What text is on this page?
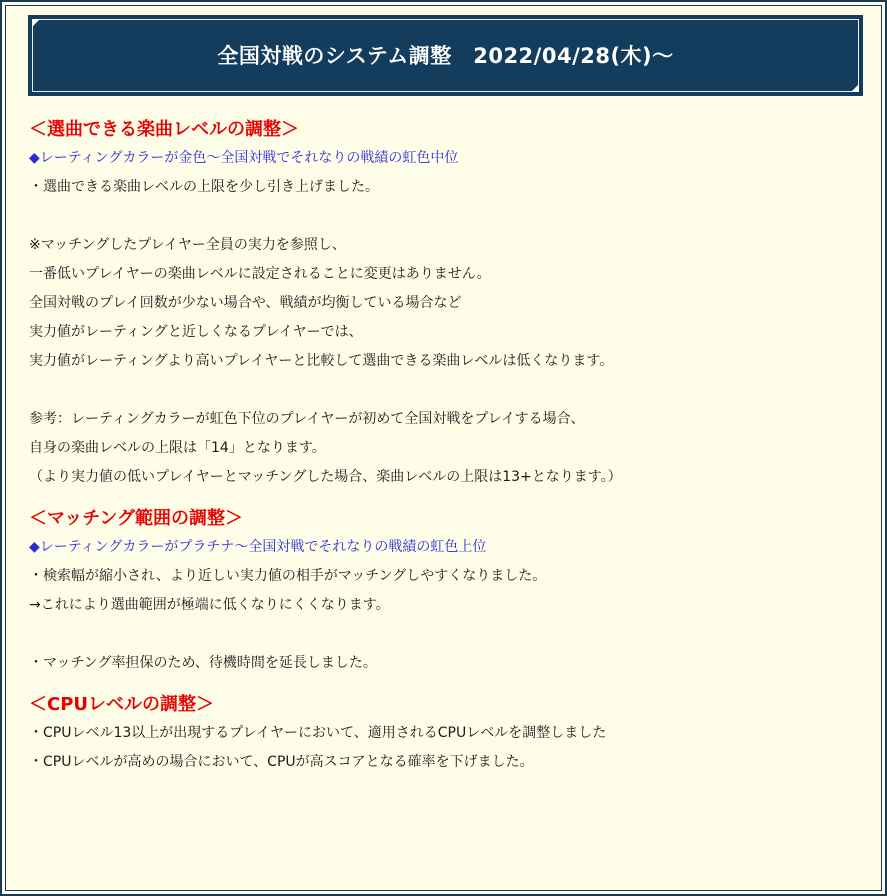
全国対戦のシステム調整　2022/04/28(木)〜
＜選曲できる楽曲レベルの調整＞
◆レーティングカラーが金色〜全国対戦でそれなりの戦績の虹色中位
・選曲できる楽曲レベルの上限を少し引き上げました。
※マッチングしたプレイヤー全員の実力を参照し、
一番低いプレイヤーの楽曲レベルに設定されることに変更はありません。
全国対戦のプレイ回数が少ない場合や、戦績が均衡している場合など
実力値がレーティングと近しくなるプレイヤーでは、
実力値がレーティングより高いプレイヤーと比較して選曲できる楽曲レベルは低くなります。
参考：レーティングカラーが虹色下位のプレイヤーが初めて全国対戦をプレイする場合、
自身の楽曲レベルの上限は「14」となります。
（より実力値の低いプレイヤーとマッチングした場合、楽曲レベルの上限は13+となります。）
＜マッチング範囲の調整＞
◆レーティングカラーがプラチナ〜全国対戦でそれなりの戦績の虹色上位
・検索幅が縮小され、より近しい実力値の相手がマッチングしやすくなりました。
→これにより選曲範囲が極端に低くなりにくくなります。
・マッチング率担保のため、待機時間を延長しました。
＜CPUレベルの調整＞
・CPUレベル13以上が出現するプレイヤーにおいて、適用されるCPUレベルを調整しました
・CPUレベルが高めの場合において、CPUが高スコアとなる確率を下げました。
